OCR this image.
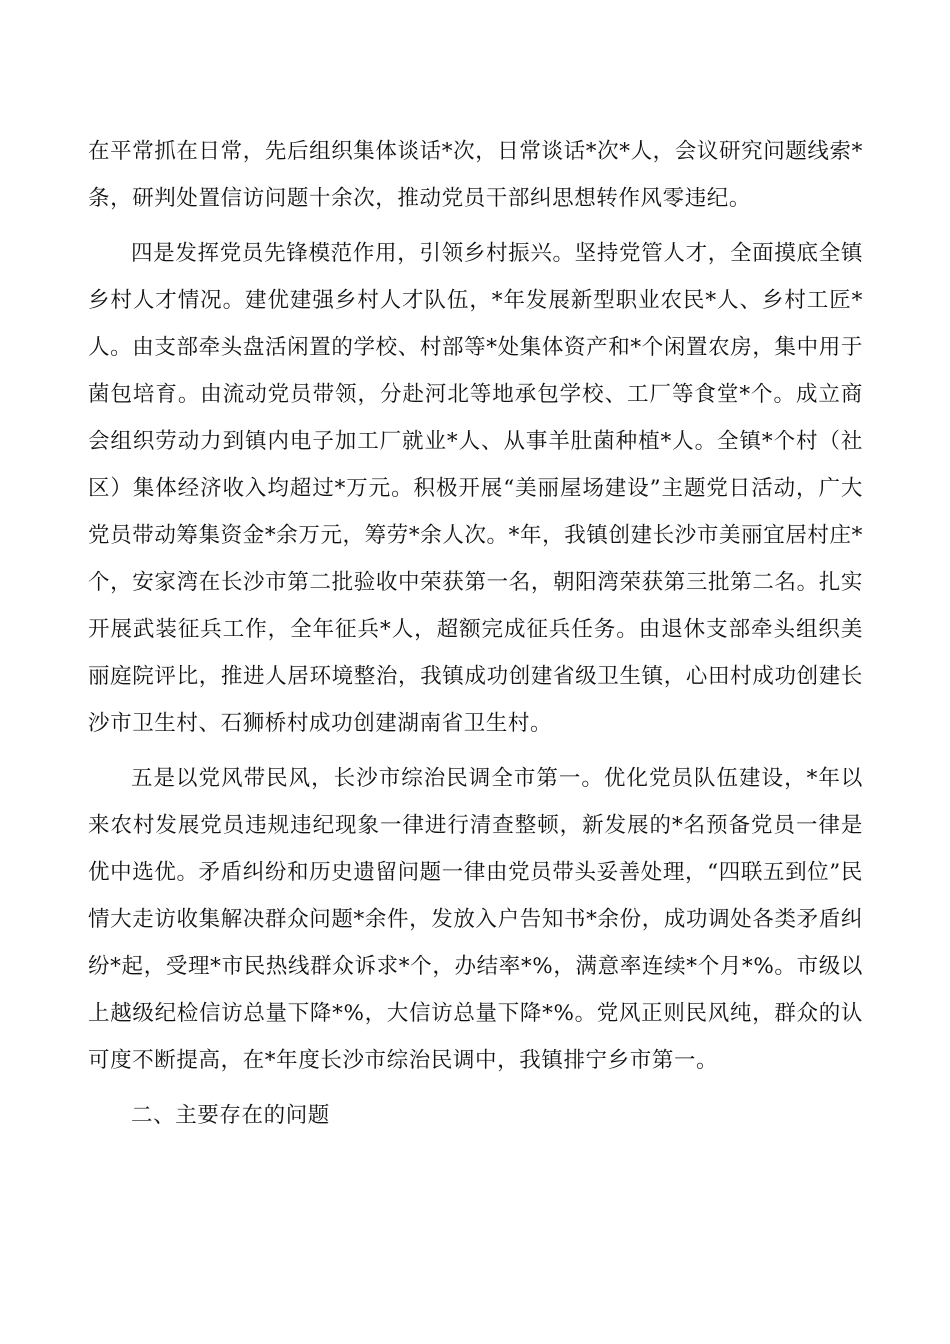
在平常抓在日常，先后组织集体谈话*次，日常谈话*次*人，会议研究问题线索*条，研判处置信访问题十余次，推动党员干部纠思想转作风零违纪。

四是发挥党员先锋模范作用，引领乡村振兴。坚持党管人才，全面摸底全镇乡村人才情况。建优建强乡村人才队伍，*年发展新型职业农民*人、乡村工匠*人。由支部牵头盘活闲置的学校、村部等*处集体资产和*个闲置农房，集中用于菌包培育。由流动党员带领，分赴河北等地承包学校、工厂等食堂*个。成立商会组织劳动力到镇内电子加工厂就业*人、从事羊肚菌种植*人。全镇*个村（社区）集体经济收入均超过*万元。积极开展“美丽屋场建设”主题党日活动，广大党员带动筹集资金*余万元，筹劳*余人次。*年，我镇创建长沙市美丽宜居村庄*个，安家湾在长沙市第二批验收中荣获第一名，朝阳湾荣获第三批第二名。扎实开展武装征兵工作，全年征兵*人，超额完成征兵任务。由退休支部牵头组织美丽庭院评比，推进人居环境整治，我镇成功创建省级卫生镇，心田村成功创建长沙市卫生村、石狮桥村成功创建湖南省卫生村。

五是以党风带民风，长沙市综治民调全市第一。优化党员队伍建设，*年以来农村发展党员违规违纪现象一律进行清查整顿，新发展的*名预备党员一律是优中选优。矛盾纠纷和历史遗留问题一律由党员带头妥善处理，“四联五到位”民情大走访收集解决群众问题*余件，发放入户告知书*余份，成功调处各类矛盾纠纷*起，受理*市民热线群众诉求*个，办结率*%，满意率连续*个月*%。市级以上越级纪检信访总量下降*%，大信访总量下降*%。党风正则民风纯，群众的认可度不断提高，在*年度长沙市综治民调中，我镇排宁乡市第一。

二、主要存在的问题
